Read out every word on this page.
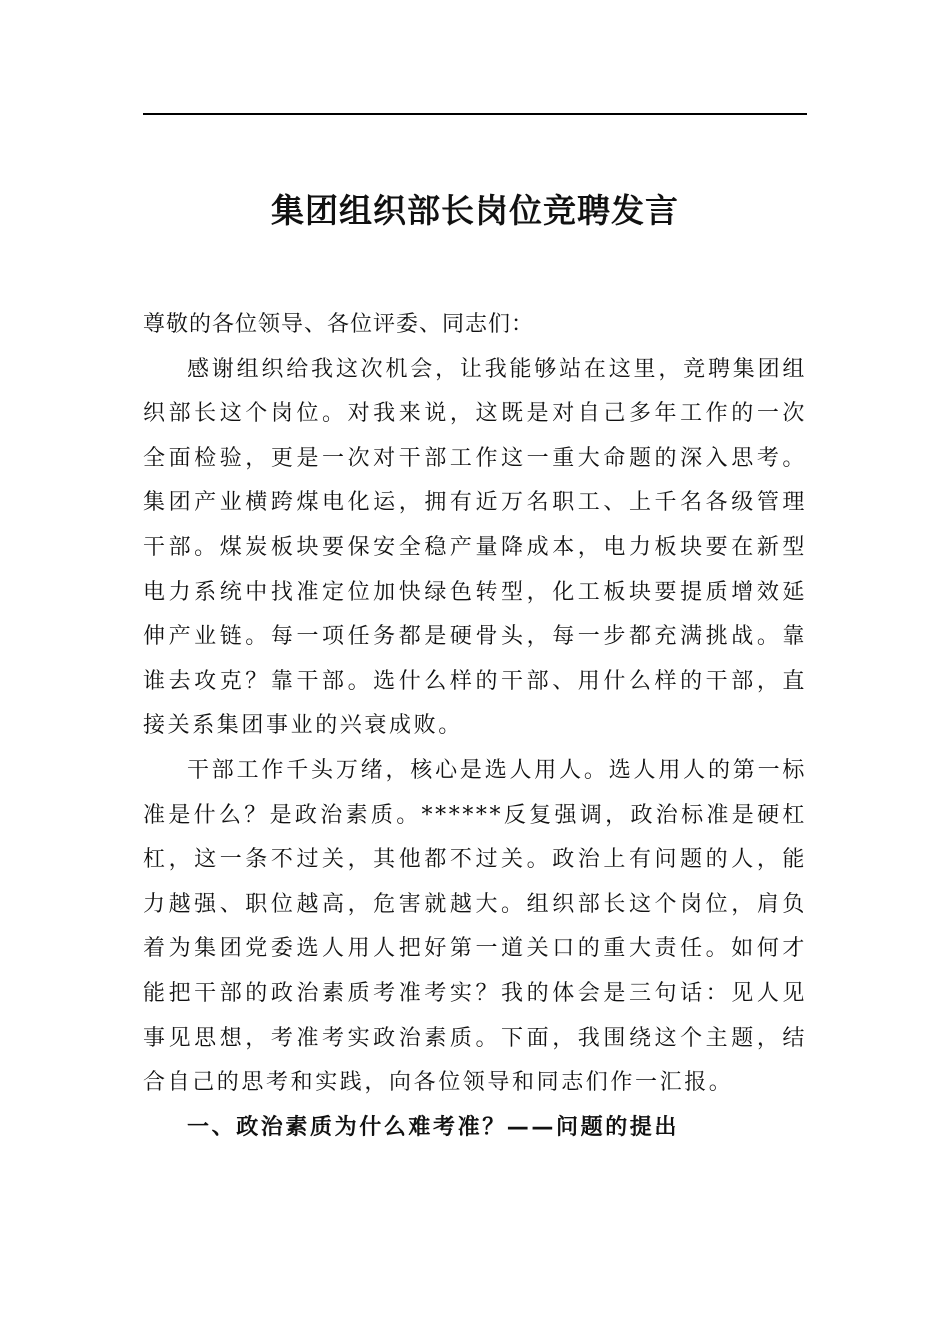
集团组织部长岗位竞聘发言

尊敬的各位领导、各位评委、同志们：

感谢组织给我这次机会，让我能够站在这里，竞聘集团组织部长这个岗位。对我来说，这既是对自己多年工作的一次全面检验，更是一次对干部工作这一重大命题的深入思考。集团产业横跨煤电化运，拥有近万名职工、上千名各级管理干部。煤炭板块要保安全稳产量降成本，电力板块要在新型电力系统中找准定位加快绿色转型，化工板块要提质增效延伸产业链。每一项任务都是硬骨头，每一步都充满挑战。靠谁去攻克？靠干部。选什么样的干部、用什么样的干部，直接关系集团事业的兴衰成败。

干部工作千头万绪，核心是选人用人。选人用人的第一标准是什么？是政治素质。******反复强调，政治标准是硬杠杠，这一条不过关，其他都不过关。政治上有问题的人，能力越强、职位越高，危害就越大。组织部长这个岗位，肩负着为集团党委选人用人把好第一道关口的重大责任。如何才能把干部的政治素质考准考实？我的体会是三句话：见人见事见思想，考准考实政治素质。下面，我围绕这个主题，结合自己的思考和实践，向各位领导和同志们作一汇报。

一、政治素质为什么难考准？——问题的提出
